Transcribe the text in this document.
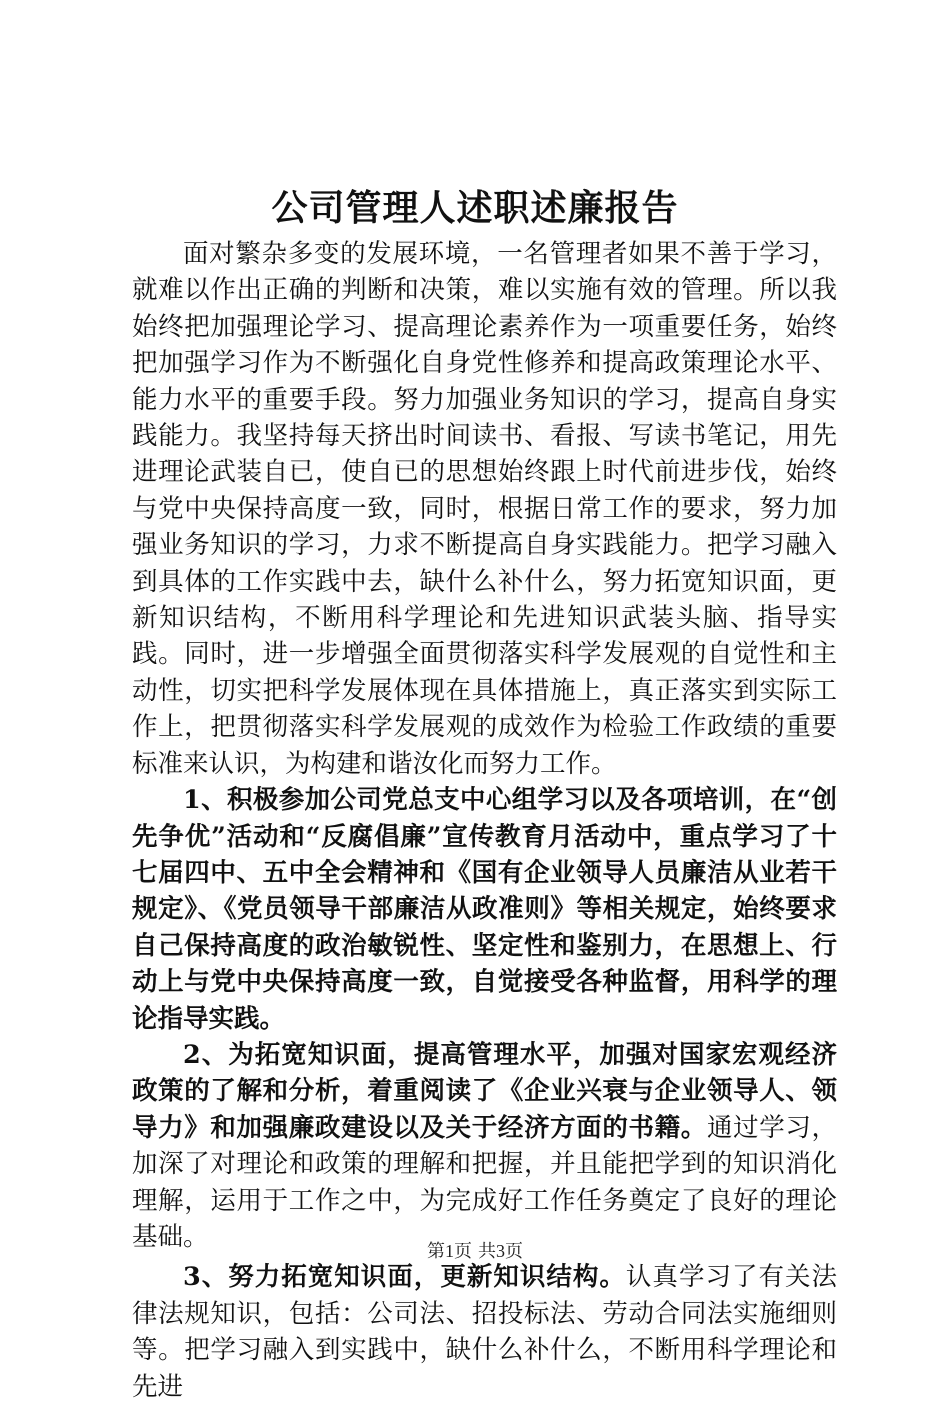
公司管理人述职述廉报告

面对繁杂多变的发展环境，一名管理者如果不善于学习，就难以作出正确的判断和决策，难以实施有效的管理。所以我始终把加强理论学习、提高理论素养作为一项重要任务，始终把加强学习作为不断强化自身党性修养和提高政策理论水平、能力水平的重要手段。努力加强业务知识的学习，提高自身实践能力。我坚持每天挤出时间读书、看报、写读书笔记，用先进理论武装自已，使自已的思想始终跟上时代前进步伐，始终与党中央保持高度一致，同时，根据日常工作的要求，努力加强业务知识的学习，力求不断提高自身实践能力。把学习融入到具体的工作实践中去，缺什么补什么，努力拓宽知识面，更新知识结构，不断用科学理论和先进知识武装头脑、指导实践。同时，进一步增强全面贯彻落实科学发展观的自觉性和主动性，切实把科学发展体现在具体措施上，真正落实到实际工作上，把贯彻落实科学发展观的成效作为检验工作政绩的重要标准来认识，为构建和谐汝化而努力工作。

1、积极参加公司党总支中心组学习以及各项培训，在“创先争优”活动和“反腐倡廉”宣传教育月活动中，重点学习了十七届四中、五中全会精神和《国有企业领导人员廉洁从业若干规定》、《党员领导干部廉洁从政准则》等相关规定，始终要求自己保持高度的政治敏锐性、坚定性和鉴别力，在思想上、行动上与党中央保持高度一致，自觉接受各种监督，用科学的理论指导实践。

2、为拓宽知识面，提高管理水平，加强对国家宏观经济政策的了解和分析，着重阅读了《企业兴衰与企业领导人、领导力》和加强廉政建设以及关于经济方面的书籍。通过学习，加深了对理论和政策的理解和把握，并且能把学到的知识消化理解，运用于工作之中，为完成好工作任务奠定了良好的理论基础。

3、努力拓宽知识面，更新知识结构。认真学习了有关法律法规知识，包括：公司法、招投标法、劳动合同法实施细则等。把学习融入到实践中，缺什么补什么，不断用科学理论和先进

第1页 共3页
